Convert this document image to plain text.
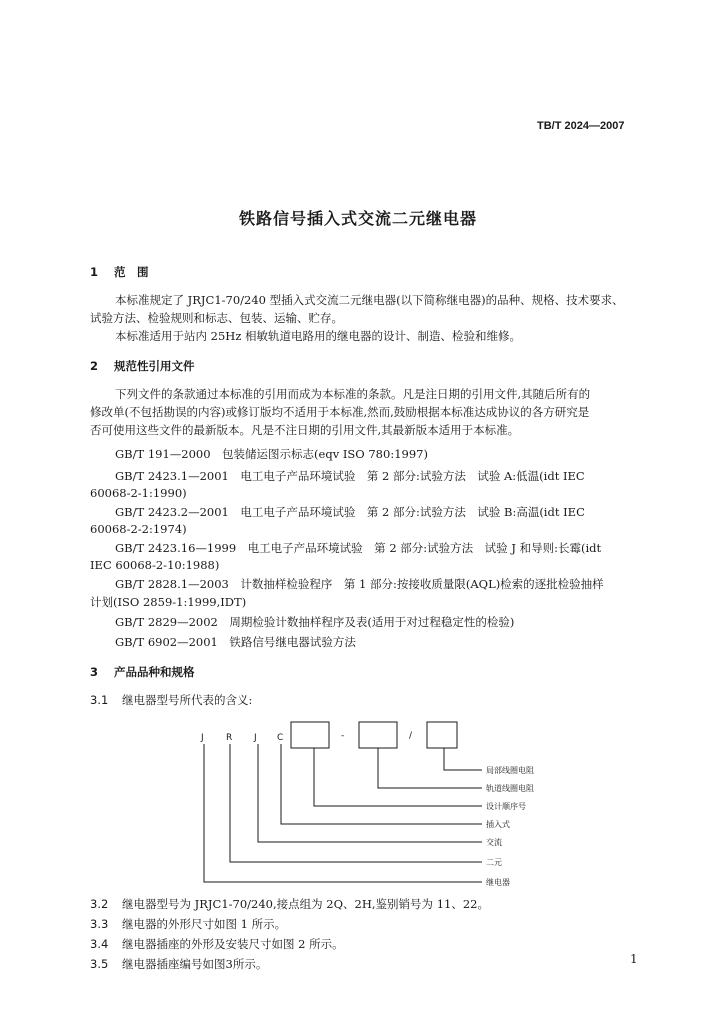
TB/T 2024—2007
铁路信号插入式交流二元继电器
1 范　围
本标准规定了 JRJC1-70/240 型插入式交流二元继电器(以下简称继电器)的品种、规格、技术要求、
试验方法、检验规则和标志、包装、运输、贮存。
本标准适用于站内 25Hz 相敏轨道电路用的继电器的设计、制造、检验和维修。
2 规范性引用文件
下列文件的条款通过本标准的引用而成为本标准的条款。凡是注日期的引用文件,其随后所有的
修改单(不包括勘误的内容)或修订版均不适用于本标准,然而,鼓励根据本标准达成协议的各方研究是
否可使用这些文件的最新版本。凡是不注日期的引用文件,其最新版本适用于本标准。
GB/T 191—2000　包装储运图示标志(eqv ISO 780:1997)
GB/T 2423.1—2001　电工电子产品环境试验　第 2 部分:试验方法　试验 A:低温(idt IEC
60068-2-1:1990)
GB/T 2423.2—2001　电工电子产品环境试验　第 2 部分:试验方法　试验 B:高温(idt IEC
60068-2-2:1974)
GB/T 2423.16—1999　电工电子产品环境试验　第 2 部分:试验方法　试验 J 和导则:长霉(idt
IEC 60068-2-10:1988)
GB/T 2828.1—2003　计数抽样检验程序　第 1 部分:按接收质量限(AQL)检索的逐批检验抽样
计划(ISO 2859-1:1999,IDT)
GB/T 2829—2002　周期检验计数抽样程序及表(适用于对过程稳定性的检验)
GB/T 6902—2001　铁路信号继电器试验方法
3 产品品种和规格
3.1 继电器型号所代表的含义:
J R J C	-	/
局部线圈电阻
轨道线圈电阻
设计顺序号
插入式
交流
二元
继电器
3.2 继电器型号为 JRJC1-70/240,接点组为 2Q、2H,鉴别销号为 11、22。
3.3 继电器的外形尺寸如图 1 所示。
3.4 继电器插座的外形及安装尺寸如图 2 所示。
3.5 继电器插座编号如图3所示。	1
